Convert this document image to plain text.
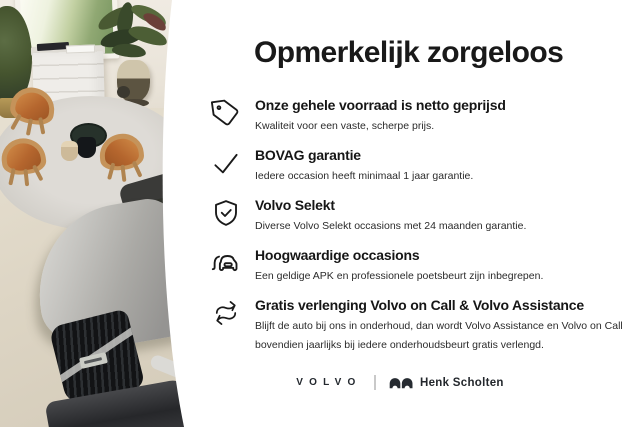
Opmerkelijk zorgeloos
Onze gehele voorraad is netto geprijsd

Kwaliteit voor een vaste, scherpe prijs.

BOVAG garantie

Iedere occasion heeft minimaal 1 jaar garantie.

Volvo Selekt

Diverse Volvo Selekt occasions met 24 maanden garantie.

Hoogwaardige occasions

Een geldige APK en professionele poetsbeurt zijn inbegrepen.

Gratis verlenging Volvo on Call & Volvo Assistance

Blijft de auto bij ons in onderhoud, dan wordt Volvo Assistance en Volvo on Call bovendien jaarlijks bij iedere onderhoudsbeurt gratis verlengd.

VOLVO	Henk Scholten
